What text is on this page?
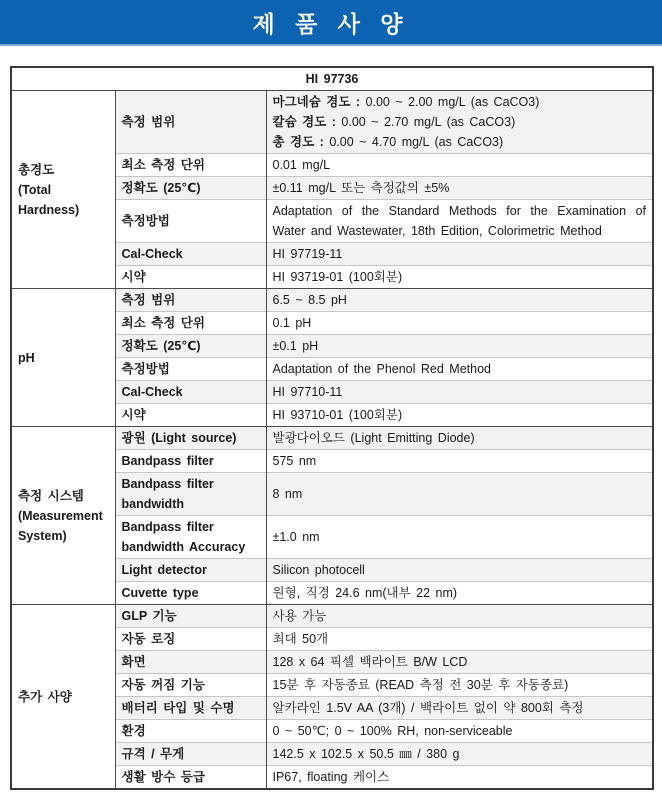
제 품 사 양
HI 97736		

총경도
(Total Hardness)	측정 범위	마그네슘 경도 : 0.00 ~ 2.00 mg/L (as CaCO3)
칼슘 경도 : 0.00 ~ 2.70 mg/L (as CaCO3)
총 경도 : 0.00 ~ 4.70 mg/L (as CaCO3)

	최소 측정 단위	0.01 mg/L
	정확도 (25℃)	±0.11 mg/L 또는 측정값의 ±5%
	측정방법	Adaptation of the Standard Methods for the Examination of Water and Wastewater, 18th Edition, Colorimetric Method
	Cal-Check	HI 97719-11
	시약	HI 93719-01 (100회분)

pH	측정 범위	6.5 ~ 8.5 pH
	최소 측정 단위	0.1 pH
	정확도 (25℃)	±0.1 pH
	측정방법	Adaptation of the Phenol Red Method
	Cal-Check	HI 97710-11
	시약	HI 93710-01 (100회분)

측정 시스템
(Measurement
System)	광원 (Light source)	발광다이오드 (Light Emitting Diode)
	Bandpass filter	575 nm
	Bandpass filter bandwidth	8 nm
	Bandpass filter bandwidth Accuracy	±1.0 nm
	Light detector	Silicon photocell
	Cuvette type	원형, 직경 24.6 nm(내부 22 nm)

추가 사양	GLP 기능	사용 가능
	자동 로징	최대 50개
	화면	128 x 64 픽셀 백라이트 B/W LCD
	자동 꺼짐 기능	15분 후 자동종료 (READ 측정 전 30분 후 자동종료)
	배터리 타입 및 수명	알카라인 1.5V AA (3개) / 백라이트 없이 약 800회 측정
	환경	0 ~ 50℃; 0 ~ 100% RH, non-serviceable
	규격 / 무게	142.5 x 102.5 x 50.5 ㎜ / 380 g
	생활 방수 등급	IP67, floating 케이스
